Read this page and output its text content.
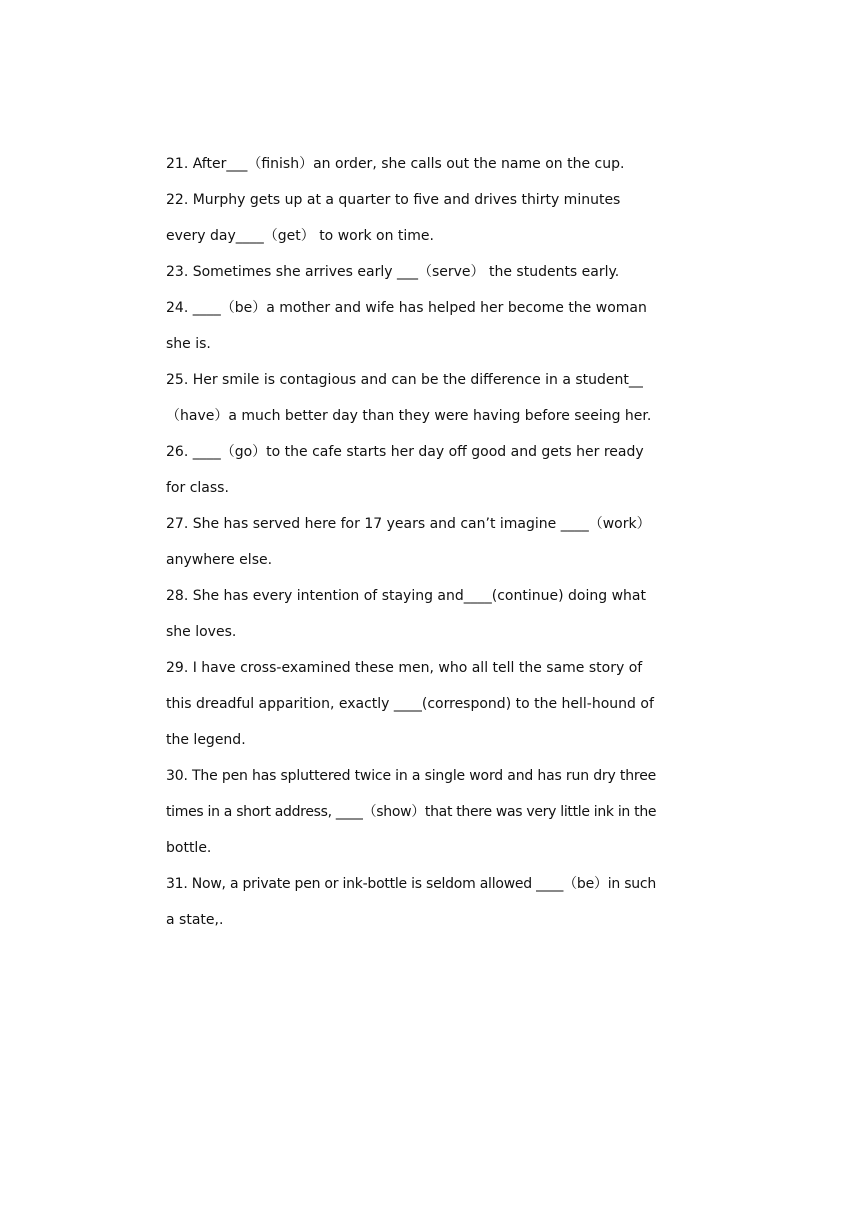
21. After___（finish）an order, she calls out the name on the cup.
22. Murphy gets up at a quarter to five and drives thirty minutes
every day____（get） to work on time.
23. Sometimes she arrives early ___（serve） the students early.
24. ____（be）a mother and wife has helped her become the woman
she is.
25. Her smile is contagious and can be the difference in a student__
（have）a much better day than they were having before seeing her.
26. ____（go）to the cafe starts her day off good and gets her ready
for class.
27. She has served here for 17 years and can’t imagine ____（work）
anywhere else.
28. She has every intention of staying and____(continue) doing what
she loves.
29. I have cross-examined these men, who all tell the same story of
this dreadful apparition, exactly ____(correspond) to the hell-hound of
the legend.
30. The pen has spluttered twice in a single word and has run dry three
times in a short address, ____（show）that there was very little ink in the
bottle.
31. Now, a private pen or ink-bottle is seldom allowed ____（be）in such
a state,.
